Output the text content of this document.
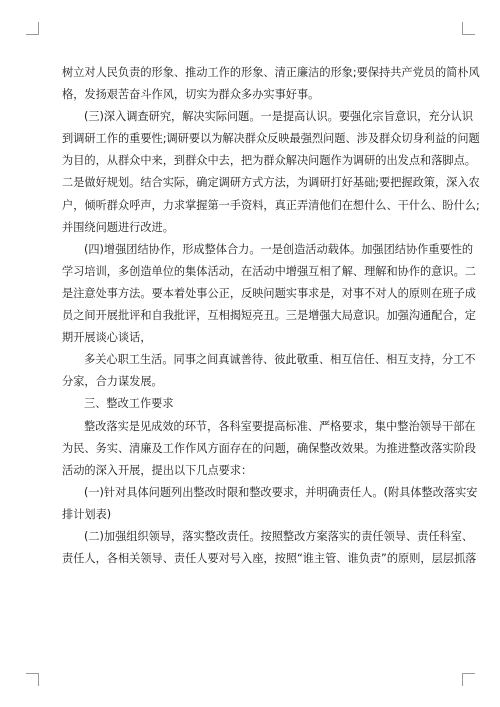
树立对人民负责的形象、推动工作的形象、清正廉洁的形象;要保持共产党员的简朴风
格，发扬艰苦奋斗作风，切实为群众多办实事好事。
(三)深入调查研究，解决实际问题。一是提高认识。要强化宗旨意识，充分认识
到调研工作的重要性;调研要以为解决群众反映最强烈问题、涉及群众切身利益的问题
为目的，从群众中来，到群众中去，把为群众解决问题作为调研的出发点和落脚点。
二是做好规划。结合实际，确定调研方式方法，为调研打好基础;要把握政策，深入农
户，倾听群众呼声，力求掌握第一手资料，真正弄清他们在想什么、干什么、盼什么;
并围绕问题进行改进。
(四)增强团结协作，形成整体合力。一是创造活动载体。加强团结协作重要性的
学习培训，多创造单位的集体活动，在活动中增强互相了解、理解和协作的意识。二
是注意处事方法。要本着处事公正，反映问题实事求是，对事不对人的原则在班子成
员之间开展批评和自我批评，互相揭短亮丑。三是增强大局意识。加强沟通配合，定
期开展谈心谈话，
多关心职工生活。同事之间真诚善待、彼此敬重、相互信任、相互支持，分工不
分家，合力谋发展。
三、整改工作要求
整改落实是见成效的环节，各科室要提高标准、严格要求，集中整治领导干部在
为民、务实、清廉及工作作风方面存在的问题，确保整改效果。为推进整改落实阶段
活动的深入开展，提出以下几点要求：
(一)针对具体问题列出整改时限和整改要求，并明确责任人。(附具体整改落实安
排计划表)
(二)加强组织领导，落实整改责任。按照整改方案落实的责任领导、责任科室、
责任人，各相关领导、责任人要对号入座，按照“谁主管、谁负责”的原则，层层抓落
